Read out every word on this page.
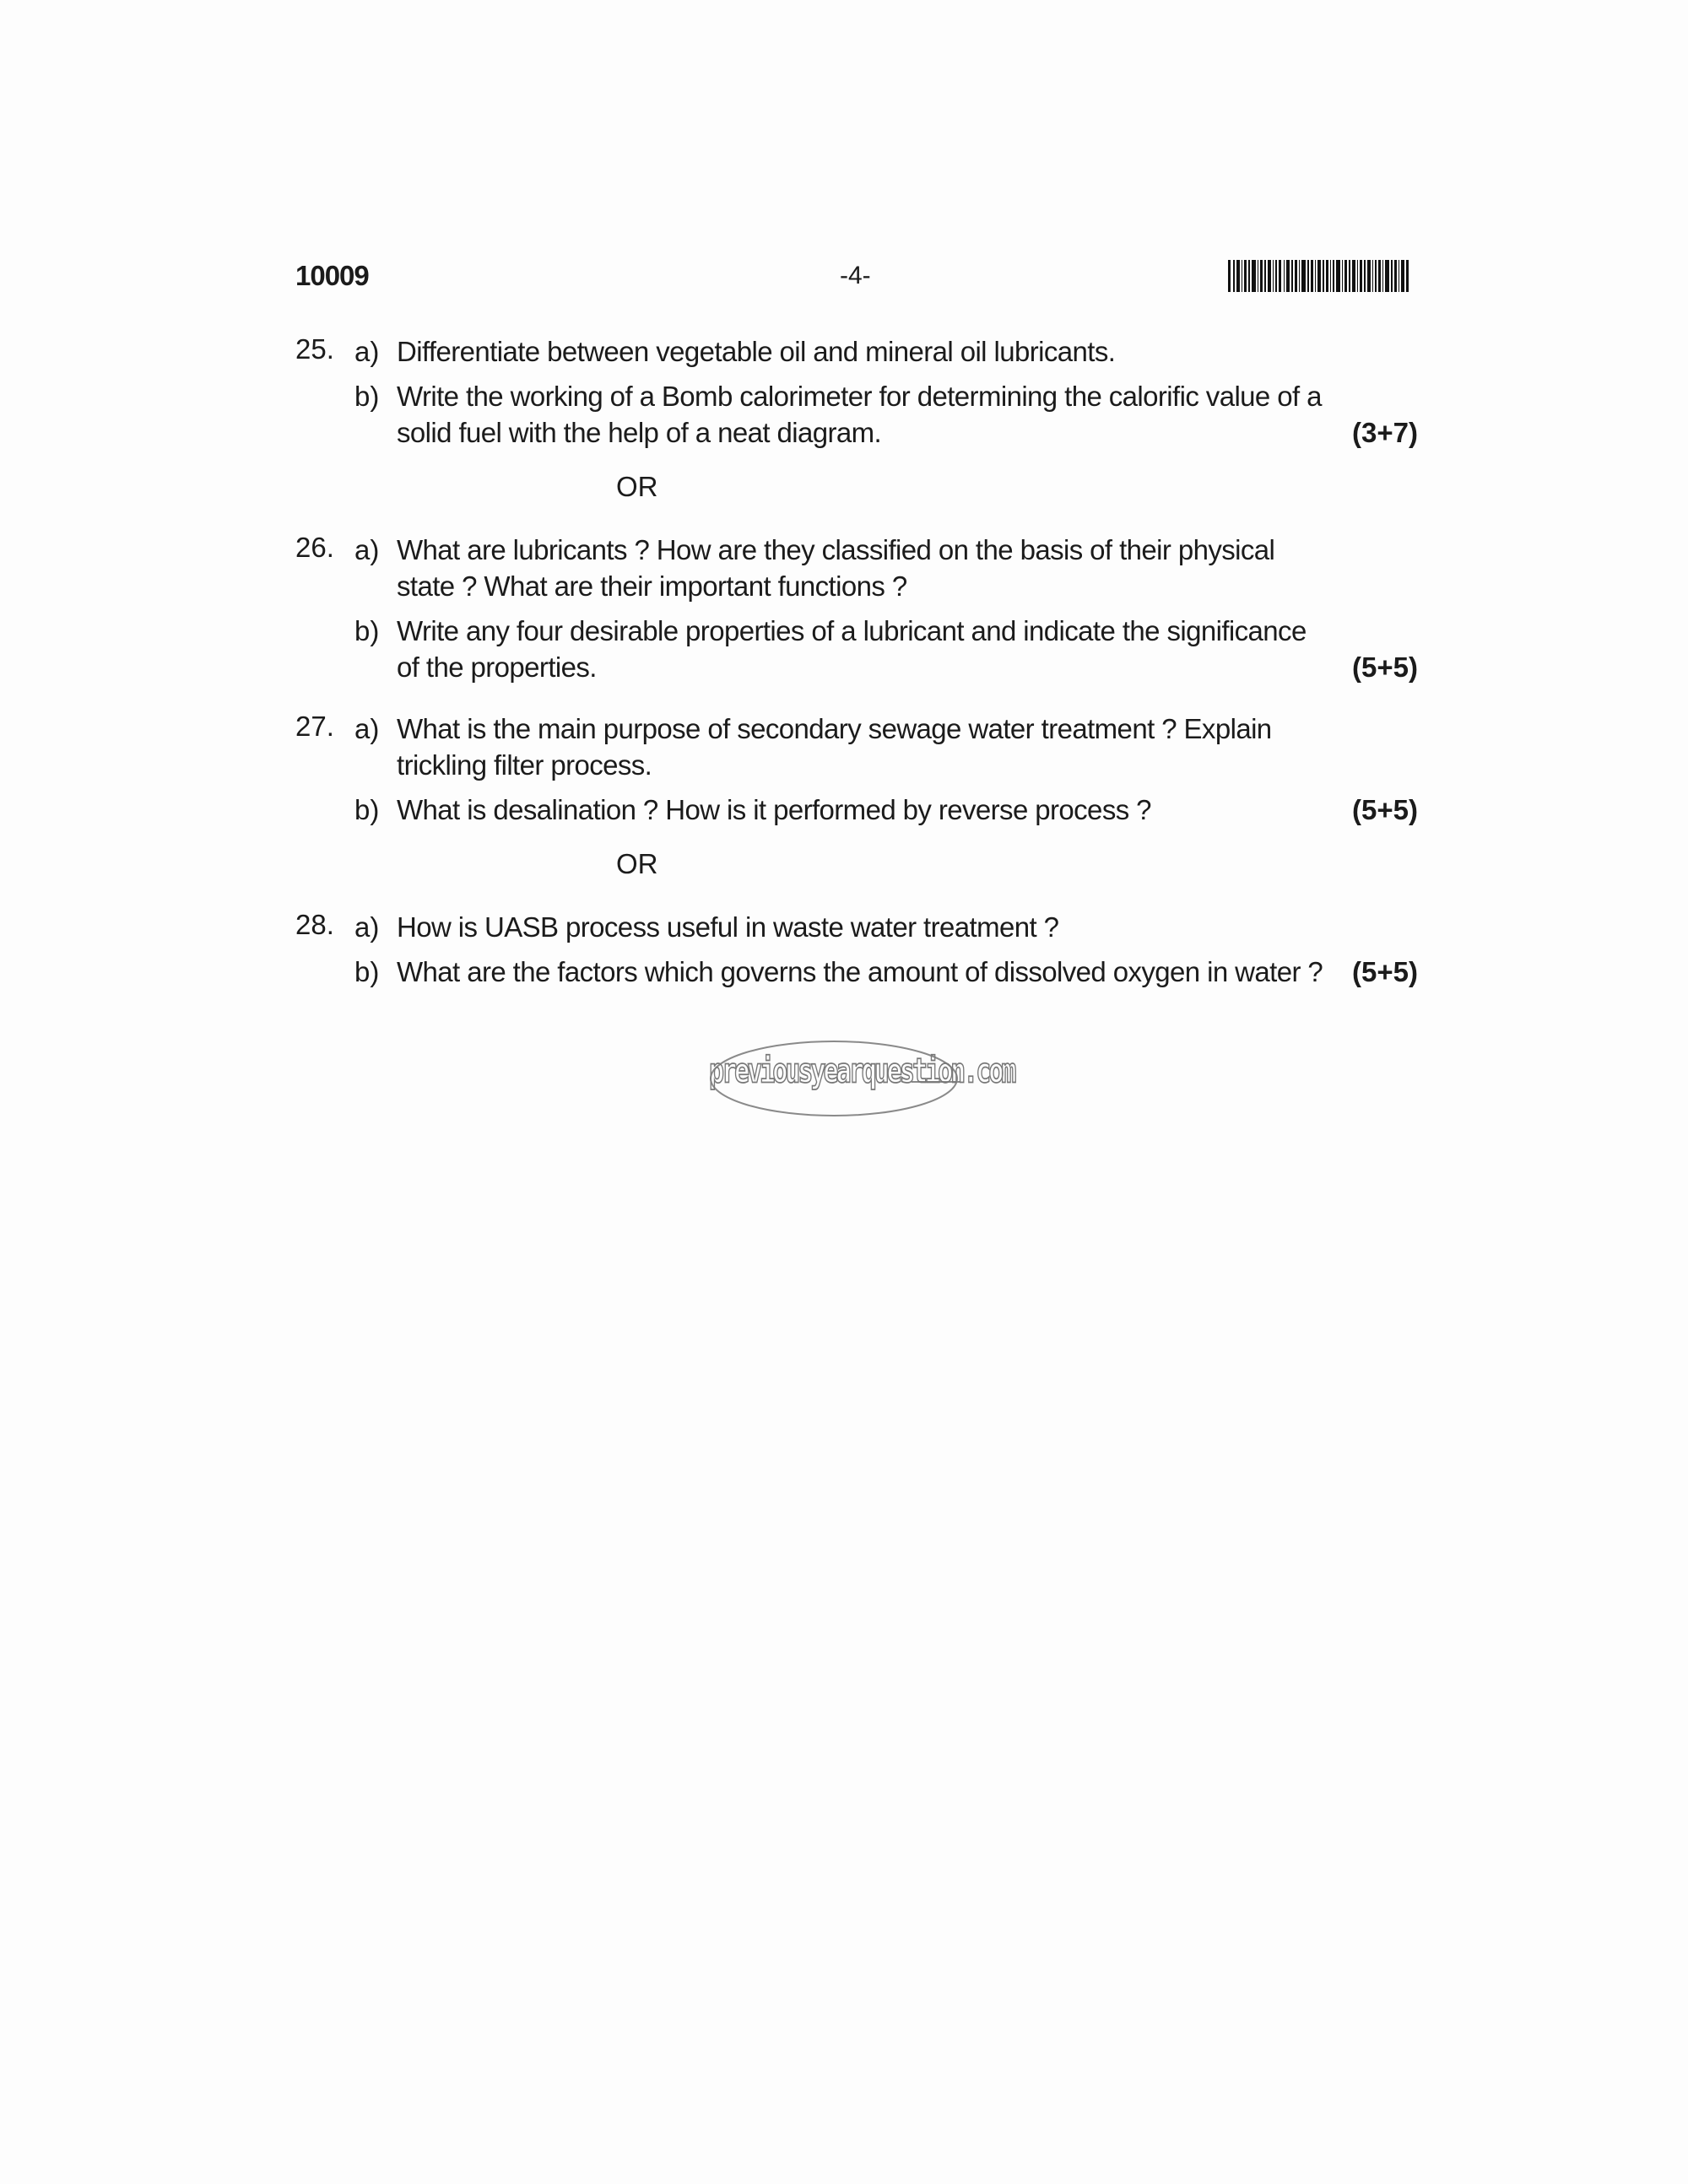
10009	-4-
25. a) Differentiate between vegetable oil and mineral oil lubricants.
b) Write the working of a Bomb calorimeter for determining the calorific value of a solid fuel with the help of a neat diagram.	(3+7)
OR
26. a) What are lubricants ? How are they classified on the basis of their physical state ? What are their important functions ?
b) Write any four desirable properties of a lubricant and indicate the significance of the properties.	(5+5)
27. a) What is the main purpose of secondary sewage water treatment ? Explain trickling filter process.
b) What is desalination ? How is it performed by reverse process ?	(5+5)
OR
28. a) How is UASB process useful in waste water treatment ?
b) What are the factors which governs the amount of dissolved oxygen in water ? (5+5)
previousyearquestion.com
